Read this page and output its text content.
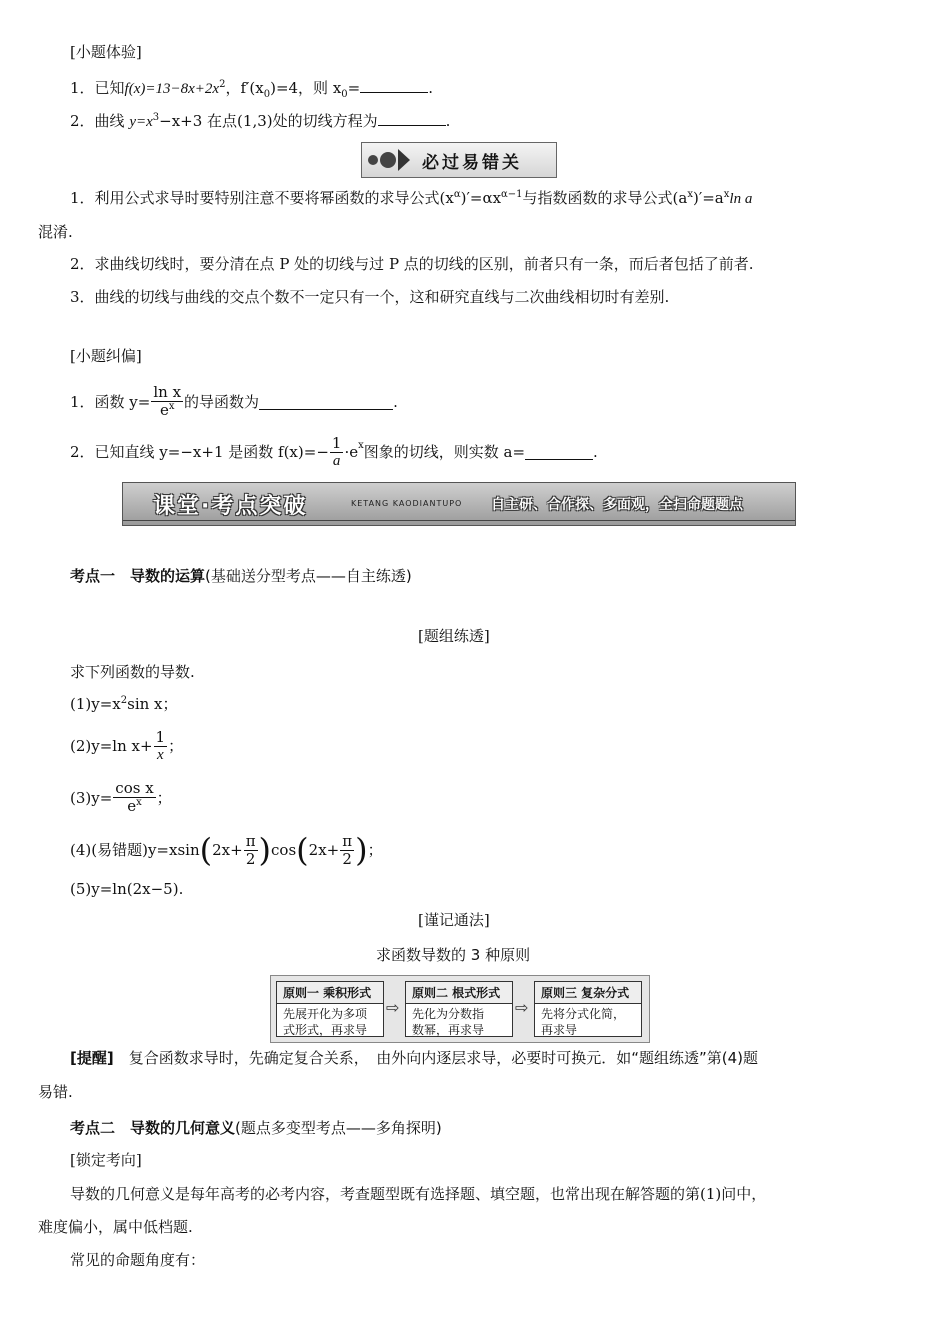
[小题体验]
1．已知$f(x)=13-8x+2x^2$，$f'(x_0)=4$，则 $x_0=$	.
2．曲线 $y=x^3-x+3$ 在点(1,3)处的切线方程为	.
必过易错关
1．利用公式求导时要特别注意不要将幂函数的求导公式$(x^\alpha)'=\alpha x^{\alpha-1}$与指数函数的求导公式$(a^x)'=a^x\ln$ a
混淆.
2．求曲线切线时，要分清在点 P 处的切线与过 P 点的切线的区别，前者只有一条，而后者包括了前者.
3．曲线的切线与曲线的交点个数不一定只有一个，这和研究直线与二次曲线相切时有差别.
[小题纠偏]
1．函数 $y= \frac{\text{ln x}}{e^x}$ 的导函数为	.
2．已知直线 y=−x+1 是函数 $f(x)=- \frac{1}{a} \cdot e$ x 图象的切线，则实数 a=	.
课堂·考点突破	KETANG KAODIANTUPO 自主研、合作探、多面观，全扫命题题点
考点一　导数的运算(基础送分型考点——自主练透)
[题组练透]
求下列函数的导数.
$(1)y=x^2\sin$ x；
(2)y=ln $x+ \frac{1}{x}$ ；
$(3)y= \frac{\text{cos x}}{e^x}$ ；
(4)(易错题) y=xsin ( $2x+ \frac{\pi}{2}$ ) cos ( $2x+ \frac{\pi}{2}$ ) ；
(5)y=ln(2x−5).
[谨记通法]
求函数导数的 3 种原则
原则一 乘积形式
先展开化为多项
式形式，再求导
⇨
原则二 根式形式
先化为分数指
数幂，再求导
⇨
原则三 复杂分式
先将分式化简，
再求导
[提醒]　 复合函数求导时，先确定复合关系，　由外向内逐层求导，必要时可换元．如“题组练透”第(4)题
易错.
考点二　导数的几何意义(题点多变型考点——多角探明)
[锁定考向]
导数的几何意义是每年高考的必考内容，考查题型既有选择题、填空题，也常出现在解答题的第(1)问中，
难度偏小，属中低档题.
常见的命题角度有：
